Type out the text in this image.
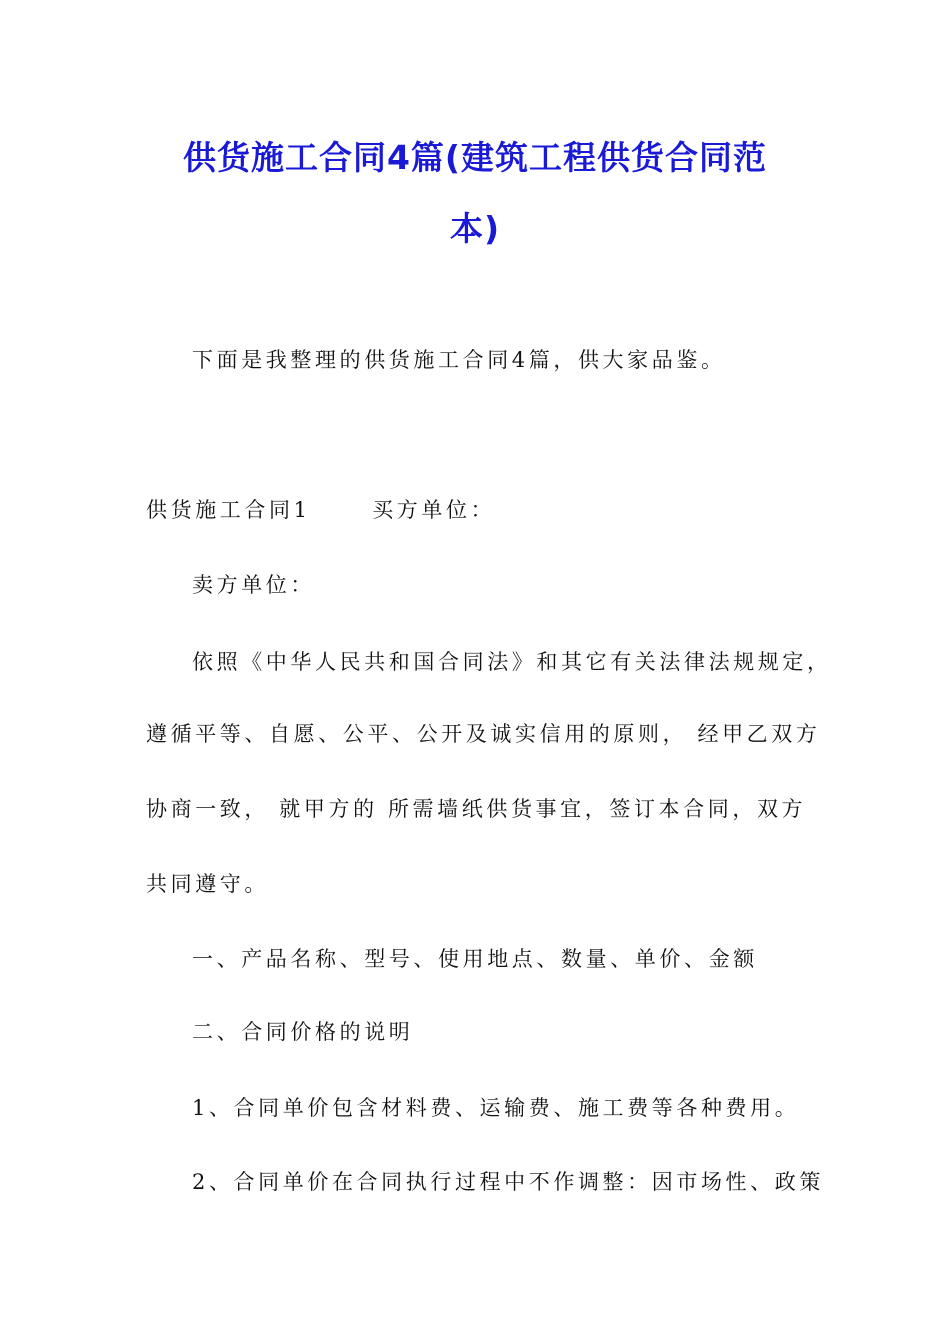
供货施工合同4篇(建筑工程供货合同范
本)
下面是我整理的供货施工合同4篇，供大家品鉴。
供货施工合同1      买方单位：
卖方单位：
依照《中华人民共和国合同法》和其它有关法律法规规定，
遵循平等、自愿、公平、公开及诚实信用的原则， 经甲乙双方
协商一致， 就甲方的 所需墙纸供货事宜，签订本合同，双方
共同遵守。
一、产品名称、型号、使用地点、数量、单价、金额
二、合同价格的说明
1、合同单价包含材料费、运输费、施工费等各种费用。
2、合同单价在合同执行过程中不作调整：因市场性、政策
